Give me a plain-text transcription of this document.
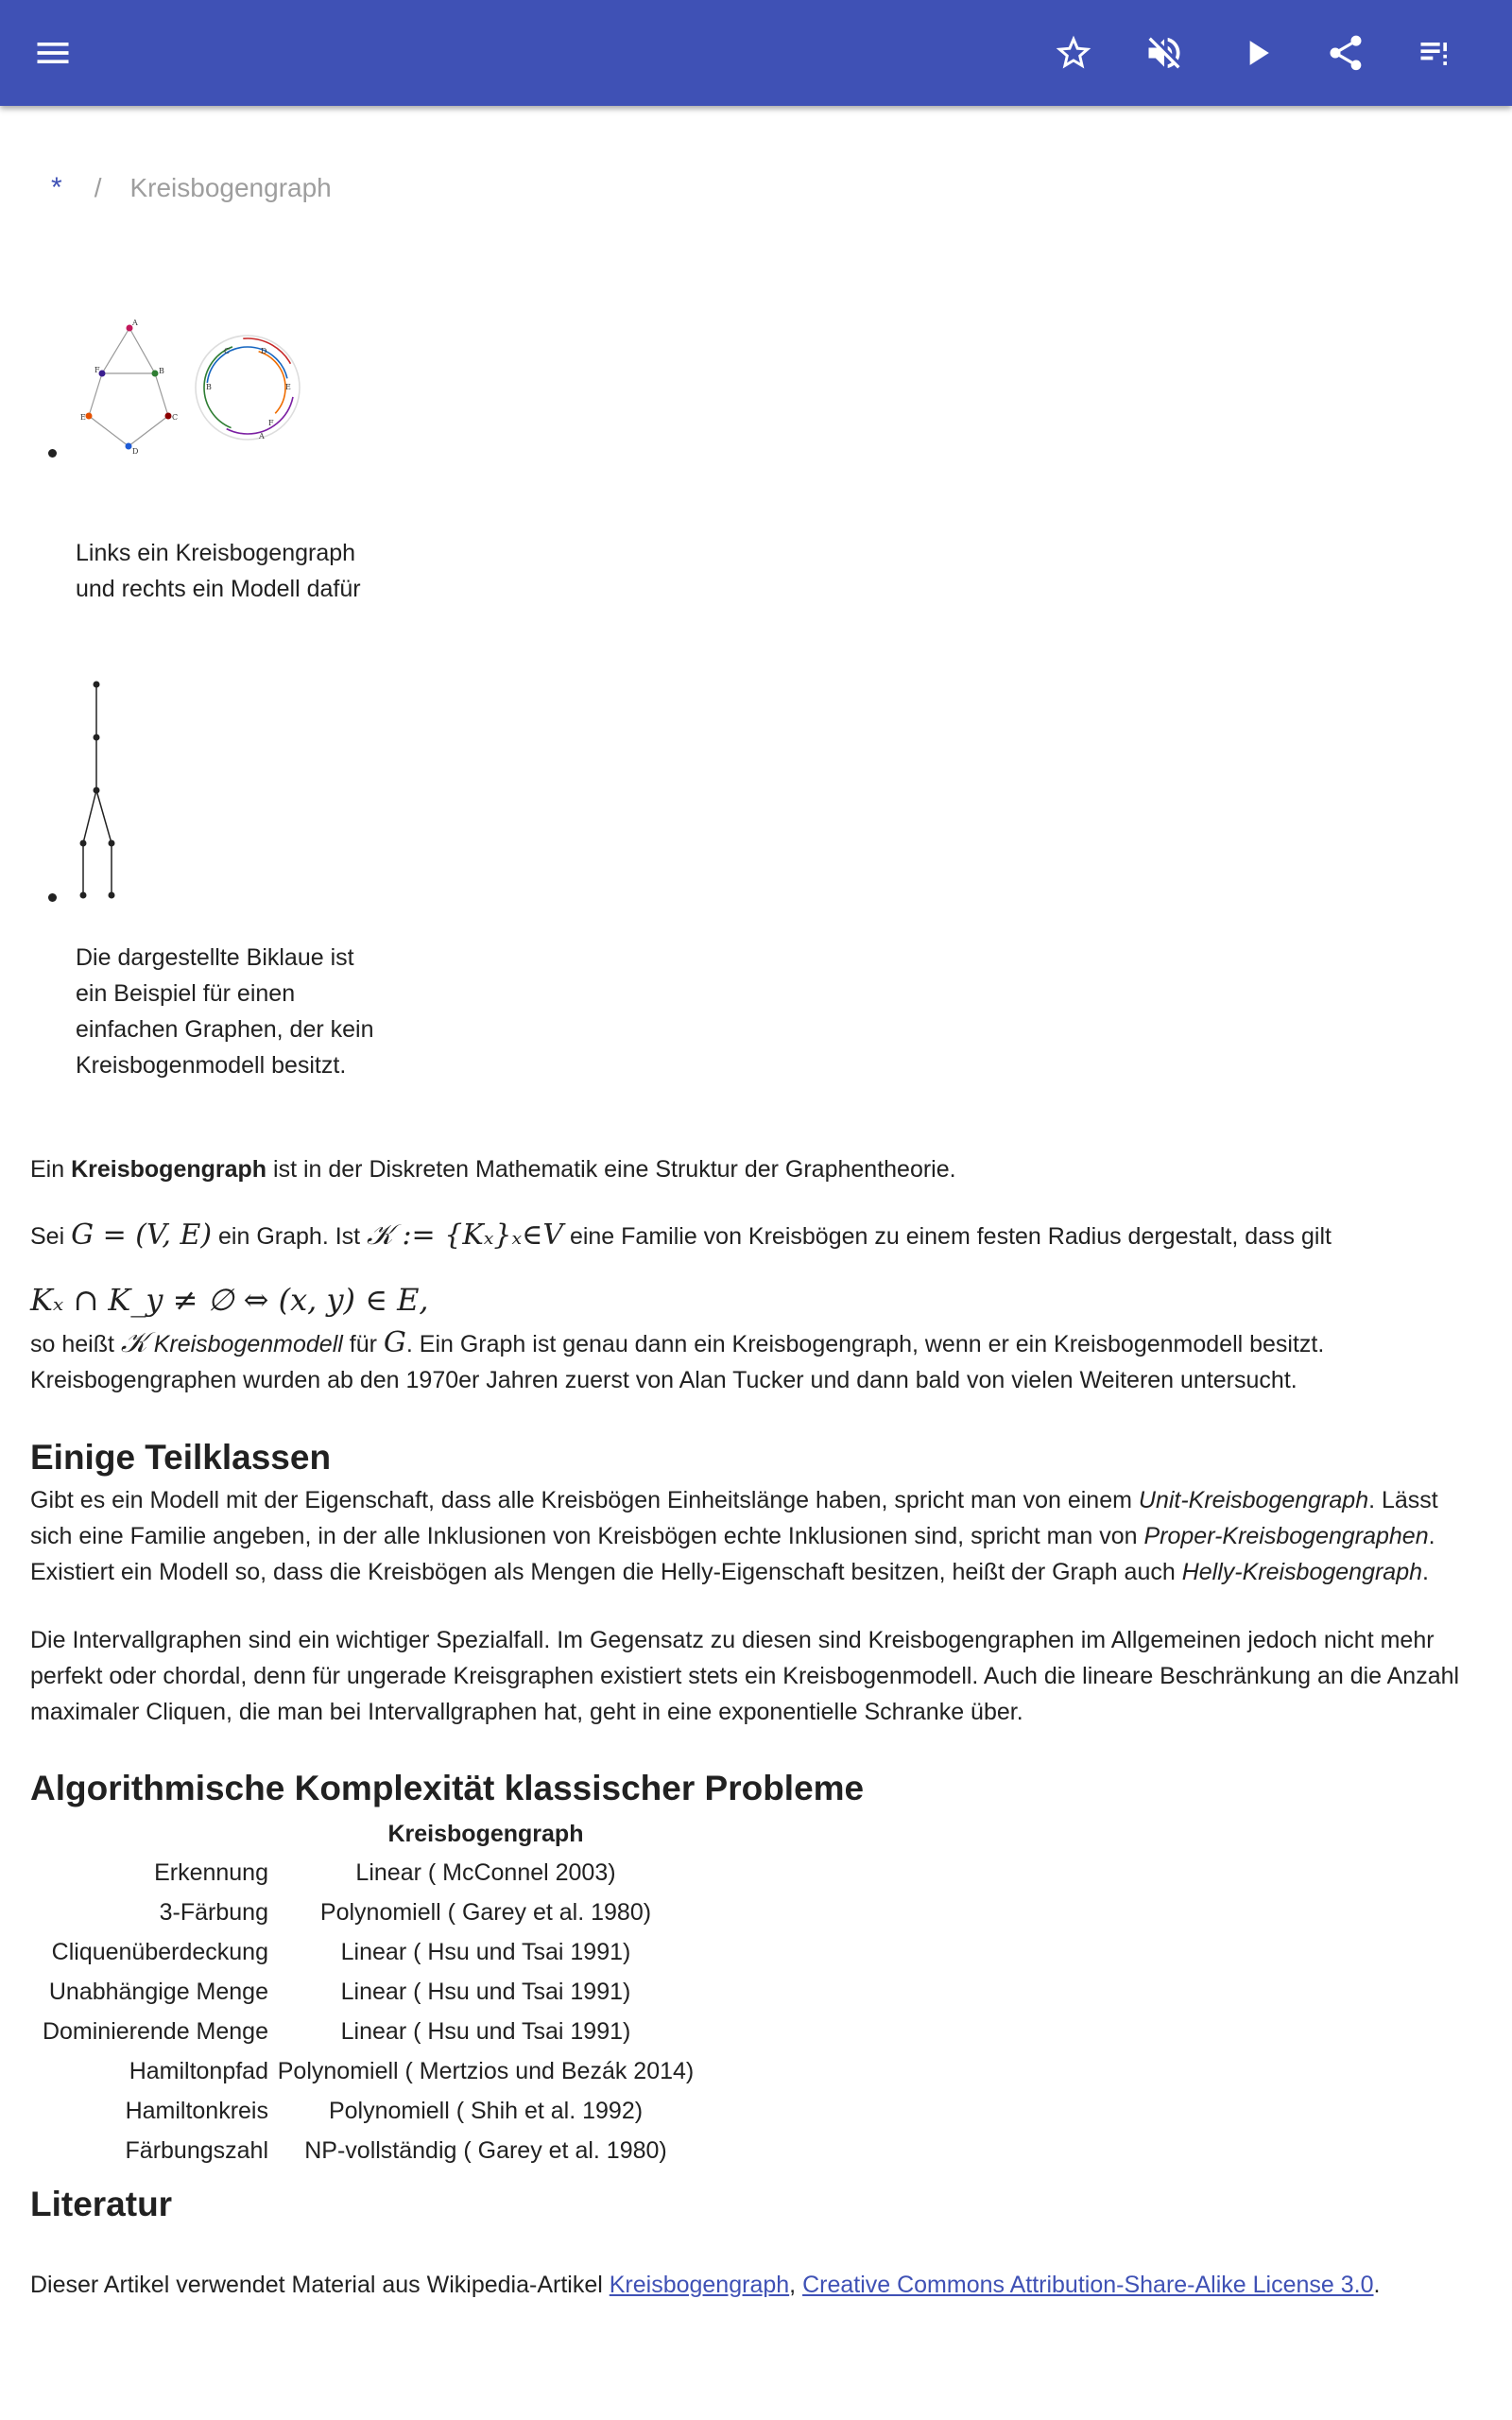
* / Kreisbogengraph
A
B
C
D
E
F
C	D
B	E
F
A
Links ein Kreisbogengraph und rechts ein Modell dafür
Die dargestellte Biklaue ist ein Beispiel für einen einfachen Graphen, der kein Kreisbogenmodell besitzt.
Ein Kreisbogengraph ist in der Diskreten Mathematik eine Struktur der Graphentheorie.
Sei G = (V, E) ein Graph. Ist 𝒦 := {Kₓ}ₓ∈V eine Familie von Kreisbögen zu einem festen Radius dergestalt, dass gilt
Kₓ ∩ K_y ≠ ∅ ⇔ (x, y) ∈ E,
so heißt 𝒦 Kreisbogenmodell für G. Ein Graph ist genau dann ein Kreisbogengraph, wenn er ein Kreisbogenmodell besitzt. Kreisbogengraphen wurden ab den 1970er Jahren zuerst von Alan Tucker und dann bald von vielen Weiteren untersucht.
Einige Teilklassen
Gibt es ein Modell mit der Eigenschaft, dass alle Kreisbögen Einheitslänge haben, spricht man von einem Unit-Kreisbogengraph. Lässt sich eine Familie angeben, in der alle Inklusionen von Kreisbögen echte Inklusionen sind, spricht man von Proper-Kreisbogengraphen. Existiert ein Modell so, dass die Kreisbögen als Mengen die Helly-Eigenschaft besitzen, heißt der Graph auch Helly-Kreisbogengraph.
Die Intervallgraphen sind ein wichtiger Spezialfall. Im Gegensatz zu diesen sind Kreisbogengraphen im Allgemeinen jedoch nicht mehr perfekt oder chordal, denn für ungerade Kreisgraphen existiert stets ein Kreisbogenmodell. Auch die lineare Beschränkung an die Anzahl maximaler Cliquen, die man bei Intervallgraphen hat, geht in eine exponentielle Schranke über.
Algorithmische Komplexität klassischer Probleme
	Kreisbogengraph
Erkennung	Linear ( McConnel 2003)
3-Färbung	Polynomiell ( Garey et al. 1980)
Cliquenüberdeckung	Linear ( Hsu und Tsai 1991)
Unabhängige Menge	Linear ( Hsu und Tsai 1991)
Dominierende Menge	Linear ( Hsu und Tsai 1991)
Hamiltonpfad	Polynomiell ( Mertzios und Bezák 2014)
Hamiltonkreis	Polynomiell ( Shih et al. 1992)
Färbungszahl	NP-vollständig ( Garey et al. 1980)
Literatur
Dieser Artikel verwendet Material aus Wikipedia-Artikel Kreisbogengraph, Creative Commons Attribution-Share-Alike License 3.0.
